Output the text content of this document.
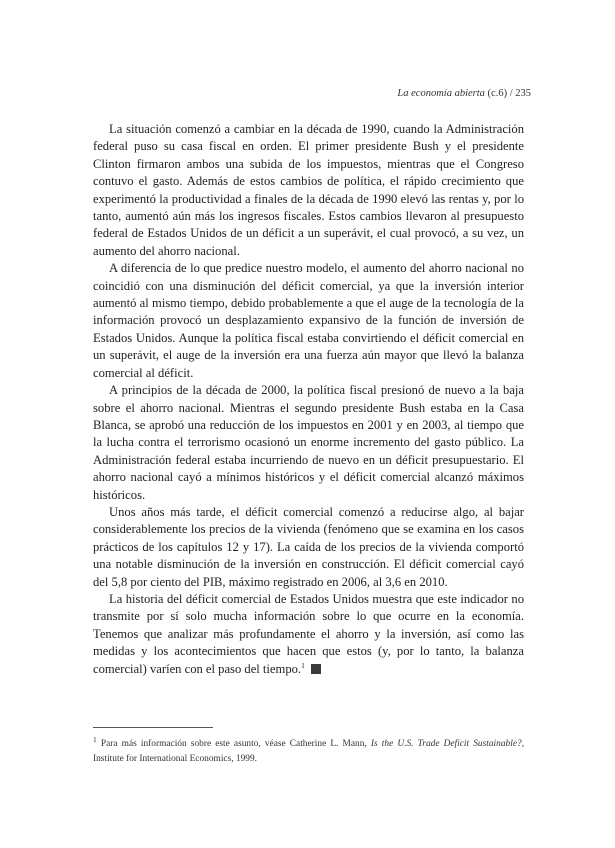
La economía abierta (c.6) / 235

La situación comenzó a cambiar en la década de 1990, cuando la Administración federal puso su casa fiscal en orden. El primer presidente Bush y el presidente Clinton firmaron ambos una subida de los impuestos, mientras que el Congreso contuvo el gasto. Además de estos cambios de política, el rápido crecimiento que experimentó la productividad a finales de la década de 1990 elevó las rentas y, por lo tanto, aumentó aún más los ingresos fiscales. Estos cambios llevaron al presupuesto federal de Estados Unidos de un déficit a un superávit, el cual provocó, a su vez, un aumento del ahorro nacional.

A diferencia de lo que predice nuestro modelo, el aumento del ahorro nacional no coincidió con una disminución del déficit comercial, ya que la inversión interior aumentó al mismo tiempo, debido probablemente a que el auge de la tecnología de la información provocó un desplazamiento expansivo de la función de inversión de Estados Unidos. Aunque la política fiscal estaba convirtiendo el déficit comercial en un superávit, el auge de la inversión era una fuerza aún mayor que llevó la balanza comercial al déficit.

A principios de la década de 2000, la política fiscal presionó de nuevo a la baja sobre el ahorro nacional. Mientras el segundo presidente Bush estaba en la Casa Blanca, se aprobó una reducción de los impuestos en 2001 y en 2003, al tiempo que la lucha contra el terrorismo ocasionó un enorme incremento del gasto público. La Administración federal estaba incurriendo de nuevo en un déficit presupuestario. El ahorro nacional cayó a mínimos históricos y el déficit comercial alcanzó máximos históricos.

Unos años más tarde, el déficit comercial comenzó a reducirse algo, al bajar considerablemente los precios de la vivienda (fenómeno que se examina en los casos prácticos de los capítulos 12 y 17). La caída de los precios de la vivienda comportó una notable disminución de la inversión en construcción. El déficit comercial cayó del 5,8 por ciento del PIB, máximo registrado en 2006, al 3,6 en 2010.

La historia del déficit comercial de Estados Unidos muestra que este indicador no transmite por sí solo mucha información sobre lo que ocurre en la economía. Tenemos que analizar más profundamente el ahorro y la inversión, así como las medidas y los acontecimientos que hacen que estos (y, por lo tanto, la balanza comercial) varíen con el paso del tiempo.$^1$

$^1$ Para más información sobre este asunto, véase Catherine L. Mann, Is the U.S. Trade Deficit Sustainable?, Institute for International Economics, 1999.
